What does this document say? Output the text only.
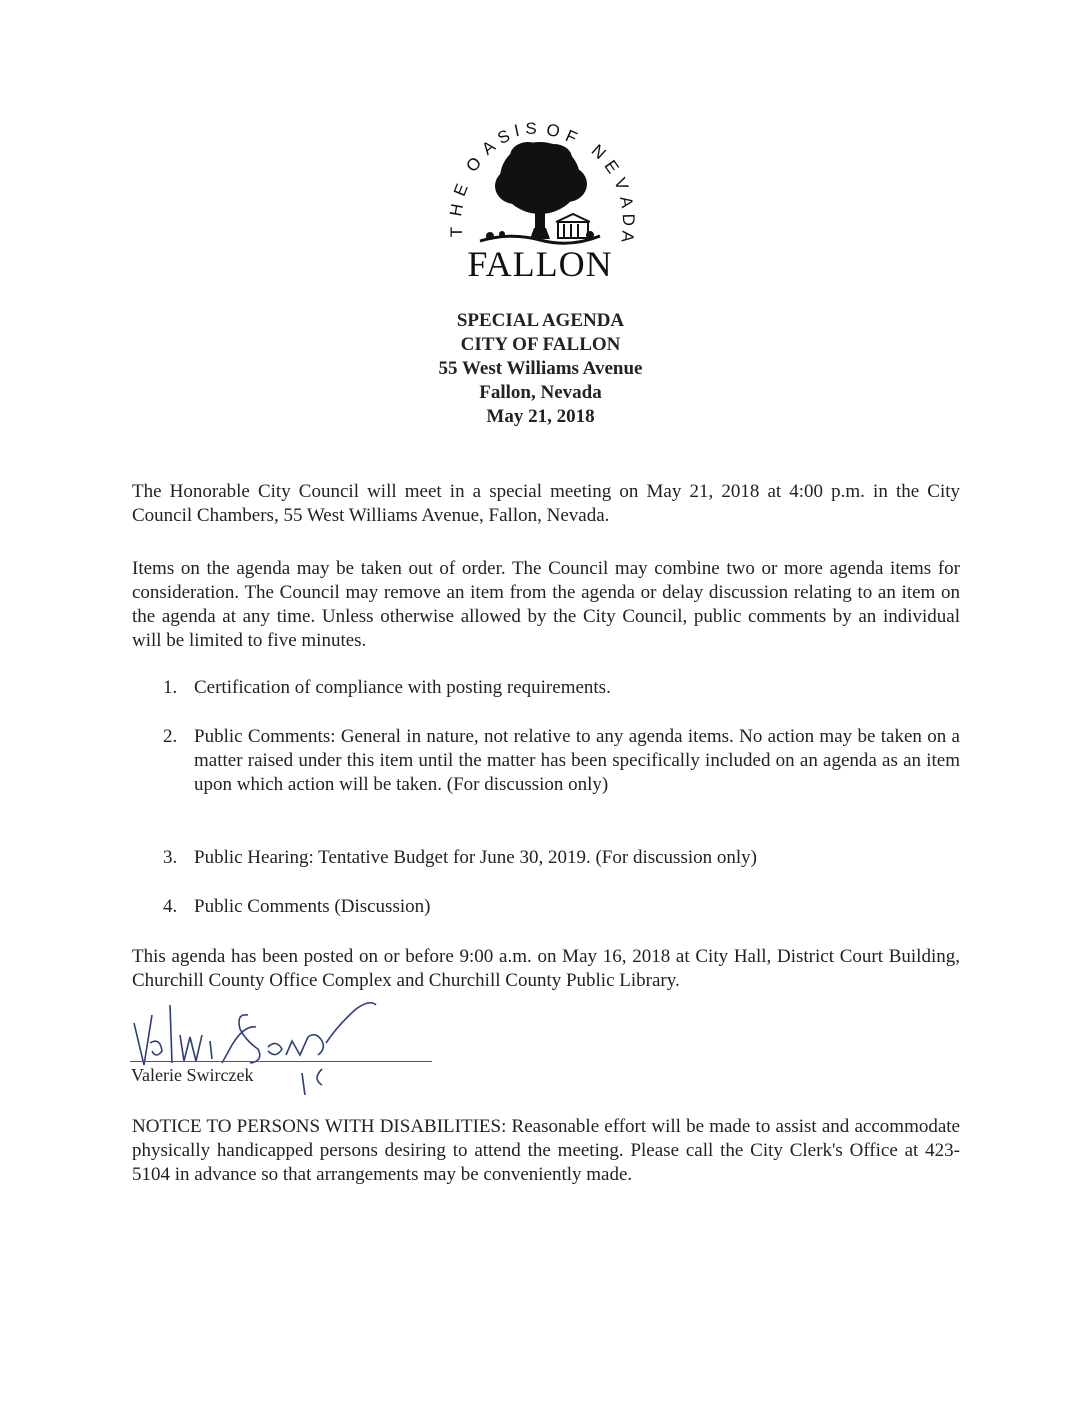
T
H
E
O
A
S I S O F
N
E
V
A
D
A
FALLON
SPECIAL AGENDA
CITY OF FALLON
55 West Williams Avenue
Fallon, Nevada
May 21, 2018
The Honorable City Council will meet in a special meeting on May 21, 2018 at 4:00 p.m. in the City Council Chambers, 55 West Williams Avenue, Fallon, Nevada.
Items on the agenda may be taken out of order. The Council may combine two or more agenda items for consideration. The Council may remove an item from the agenda or delay discussion relating to an item on the agenda at any time. Unless otherwise allowed by the City Council, public comments by an individual will be limited to five minutes.
1. Certification of compliance with posting requirements.
2. Public Comments: General in nature, not relative to any agenda items. No action may be taken on a matter raised under this item until the matter has been specifically included on an agenda as an item upon which action will be taken. (For discussion only)
3. Public Hearing: Tentative Budget for June 30, 2019. (For discussion only)
4. Public Comments (Discussion)
This agenda has been posted on or before 9:00 a.m. on May 16, 2018 at City Hall, District Court Building, Churchill County Office Complex and Churchill County Public Library.
Valerie Swirczek
NOTICE TO PERSONS WITH DISABILITIES: Reasonable effort will be made to assist and accommodate physically handicapped persons desiring to attend the meeting. Please call the City Clerk's Office at 423-5104 in advance so that arrangements may be conveniently made.
